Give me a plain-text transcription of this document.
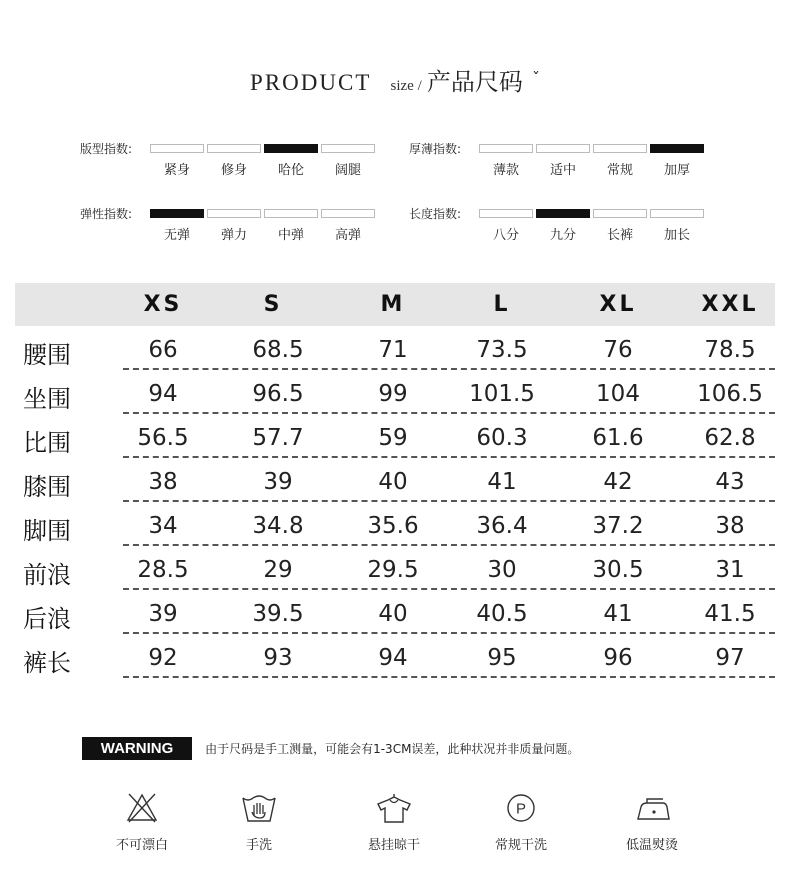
PRODUCT size / 产品尺码 ˇ
版型指数:
紧身	修身	哈伦	阔腿
厚薄指数:
薄款	适中	常规	加厚
弹性指数:
无弹	弹力	中弹	高弹
长度指数:
八分	九分	长裤	加长
XS	S	M	L	XL	XXL
腰围	66	68.5	71	73.5	76	78.5
坐围	94	96.5	99	101.5	104	106.5
比围	56.5	57.7	59	60.3	61.6	62.8
膝围	38	39	40	41	42	43
脚围	34	34.8	35.6	36.4	37.2	38
前浪	28.5	29	29.5	30	30.5	31
后浪	39	39.5	40	40.5	41	41.5
裤长	92	93	94	95	96	97
WARNING	由于尺码是手工测量，可能会有1-3CM误差，此种状况并非质量问题。
不可漂白	手洗	悬挂晾干
P
常规干洗	低温熨烫
